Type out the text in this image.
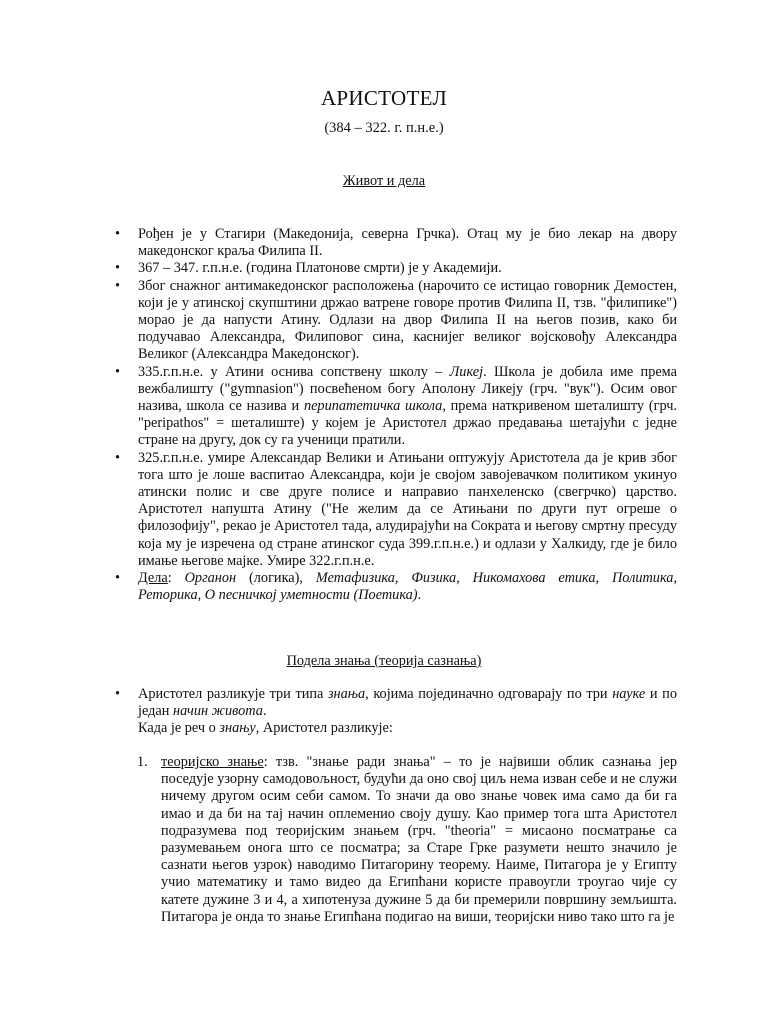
АРИСТОТЕЛ
(384 – 322. г. п.н.е.)
Живот и дела
• Рођен је у Стагири (Македонија, северна Грчка). Отац му је био лекар на двору македонског краља Филипа II.
• 367 – 347. г.п.н.е. (година Платонове смрти) је у Академији.
• Због снажног антимакедонског расположења (нарочито се истицао говорник Демостен, који је у атинској скупштини држао ватрене говоре против Филипа II, тзв. "филипике") морао је да напусти Атину. Одлази на двор Филипа II на његов позив, како би подучавао Александра, Филиповог сина, каснијег великог војсковођу Александра Великог (Александра Македонског).
• 335.г.п.н.е. у Атини оснива сопствену школу – Ликеј. Школа је добила име према вежбалишту ("gymnasion") посвећеном богу Аполону Ликеју (грч. "вук"). Осим овог назива, школа се назива и перипатетичка школа, према наткривеном шеталишту (грч. "peripathos" = шеталиште) у којем је Аристотел држао предавања шетајући с једне стране на другу, док су га ученици пратили.
• 325.г.п.н.е. умире Александар Велики и Атињани оптужују Аристотела да је крив због тога што је лоше васпитао Александра, који је својом завојевачком политиком укинуо атински полис и све друге полисе и направио панхеленско (свегрчко) царство. Аристотел напушта Атину ("Не желим да се Атињани по други пут огреше о филозофију", рекао је Аристотел тада, алудирајући на Сократа и његову смртну пресуду која му је изречена од стране атинског суда 399.г.п.н.е.) и одлази у Халкиду, где је било имање његове мајке. Умире 322.г.п.н.е.
• Дела: Органон (логика), Метафизика, Физика, Никомахова етика, Политика, Реторика, О песничкој уметности (Поетика).
Подела знања (теорија сазнања)
• Аристотел разликује три типа знања, којима појединачно одговарају по три науке и по један начин живота.
Када је реч о знању, Аристотел разликује:
1. теоријско знање: тзв. "знање ради знања" – то је највиши облик сазнања јер поседује узорну самодовољност, будући да оно свој циљ нема изван себе и не служи ничему другом осим себи самом. То значи да ово знање човек има само да би га имао и да би на тај начин оплеменио своју душу. Као пример тога шта Аристотел подразумева под теоријским знањем (грч. "theoria" = мисаоно посматрање са разумевањем онога што се посматра; за Старе Грке разумети нешто значило је сазнати његов узрок) наводимо Питагорину теорему. Наиме, Питагора је у Египту учио математику и тамо видео да Египћани користе правоугли троугао чије су катете дужине 3 и 4, а хипотенуза дужине 5 да би премерили површину земљишта. Питагора је онда то знање Египћана подигао на виши, теоријски ниво тако што га је
